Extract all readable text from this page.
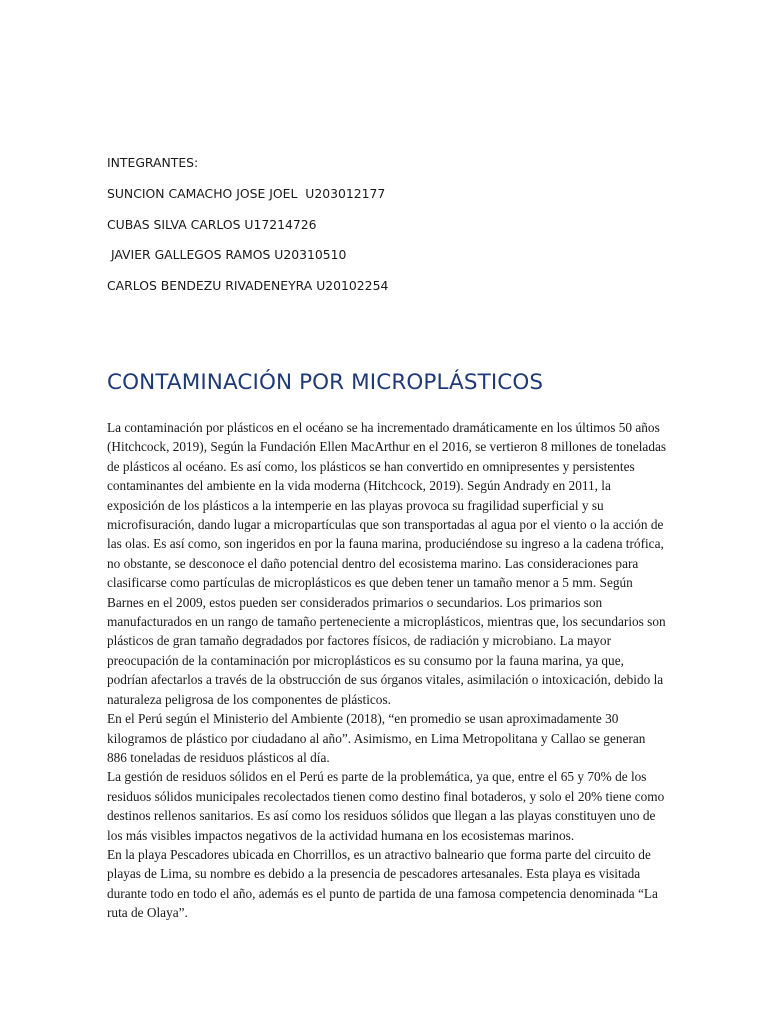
INTEGRANTES:
SUNCION CAMACHO JOSE JOEL  U203012177
CUBAS SILVA CARLOS U17214726
JAVIER GALLEGOS RAMOS U20310510
CARLOS BENDEZU RIVADENEYRA U20102254
CONTAMINACIÓN POR MICROPLÁSTICOS

La contaminación por plásticos en el océano se ha incrementado dramáticamente en los últimos 50 años (Hitchcock, 2019), Según la Fundación Ellen MacArthur en el 2016, se vertieron 8 millones de toneladas de plásticos al océano. Es así como, los plásticos se han convertido en omnipresentes y persistentes contaminantes del ambiente en la vida moderna (Hitchcock, 2019). Según Andrady en 2011, la exposición de los plásticos a la intemperie en las playas provoca su fragilidad superficial y su microfisuración, dando lugar a micropartículas que son transportadas al agua por el viento o la acción de las olas. Es así como, son ingeridos en por la fauna marina, produciéndose su ingreso a la cadena trófica, no obstante, se desconoce el daño potencial dentro del ecosistema marino. Las consideraciones para clasificarse como partículas de microplásticos es que deben tener un tamaño menor a 5 mm. Según Barnes en el 2009, estos pueden ser considerados primarios o secundarios. Los primarios son manufacturados en un rango de tamaño perteneciente a microplásticos, mientras que, los secundarios son plásticos de gran tamaño degradados por factores físicos, de radiación y microbiano. La mayor preocupación de la contaminación por microplásticos es su consumo por la fauna marina, ya que, podrían afectarlos a través de la obstrucción de sus órganos vitales, asimilación o intoxicación, debido la naturaleza peligrosa de los componentes de plásticos.

En el Perú según el Ministerio del Ambiente (2018), “en promedio se usan aproximadamente 30 kilogramos de plástico por ciudadano al año”. Asimismo, en Lima Metropolitana y Callao se generan 886 toneladas de residuos plásticos al día.

La gestión de residuos sólidos en el Perú es parte de la problemática, ya que, entre el 65 y 70% de los residuos sólidos municipales recolectados tienen como destino final botaderos, y solo el 20% tiene como destinos rellenos sanitarios. Es así como los residuos sólidos que llegan a las playas constituyen uno de los más visibles impactos negativos de la actividad humana en los ecosistemas marinos.

En la playa Pescadores ubicada en Chorrillos, es un atractivo balneario que forma parte del circuito de playas de Lima, su nombre es debido a la presencia de pescadores artesanales. Esta playa es visitada durante todo en todo el año, además es el punto de partida de una famosa competencia denominada “La ruta de Olaya”.
